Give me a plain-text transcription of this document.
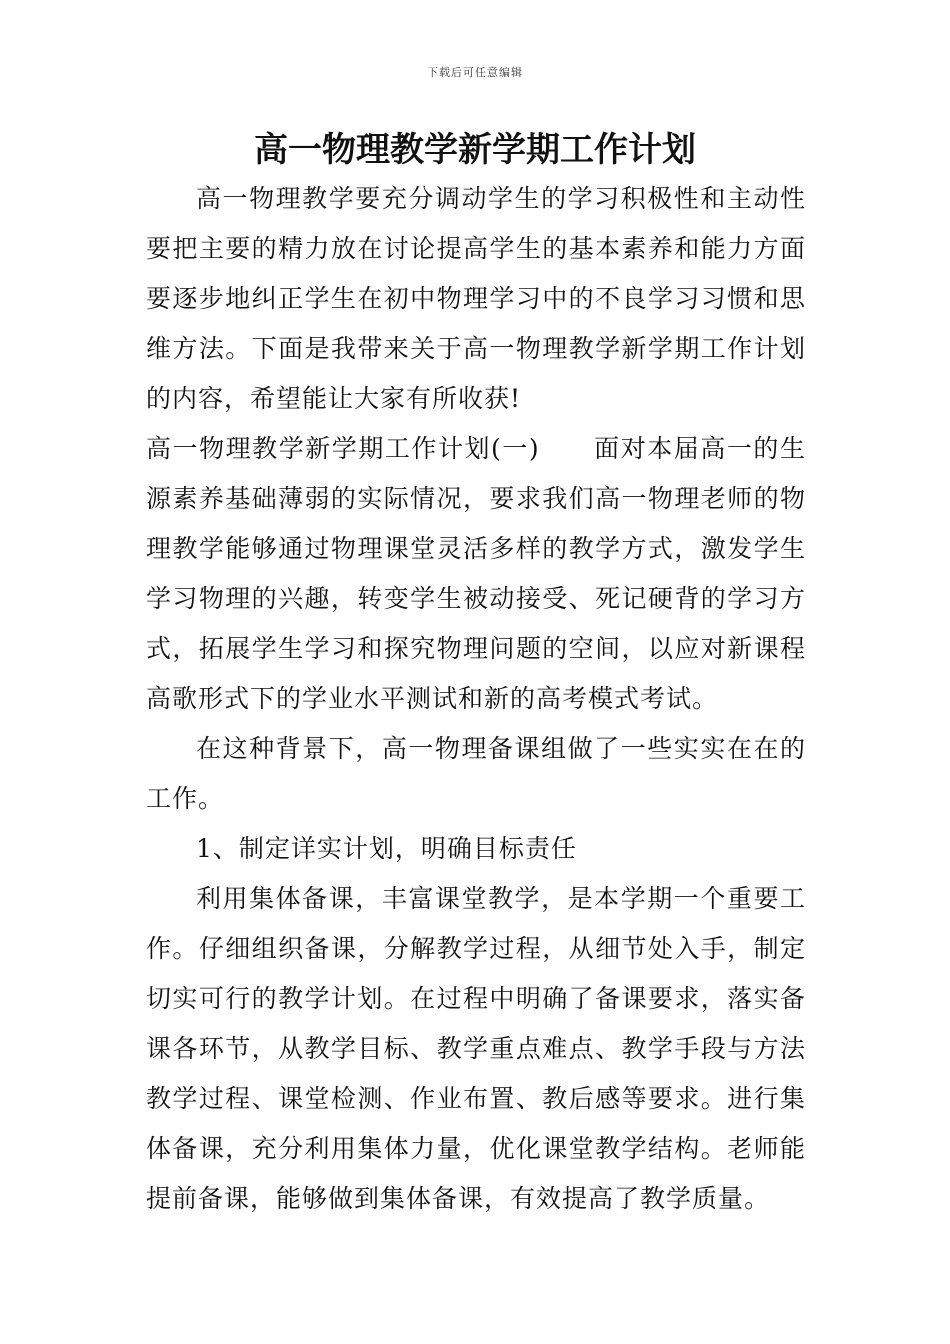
下载后可任意编辑
高一物理教学新学期工作计划

高一物理教学要充分调动学生的学习积极性和主动性要把主要的精力放在讨论提高学生的基本素养和能力方面要逐步地纠正学生在初中物理学习中的不良学习习惯和思维方法。下面是我带来关于高一物理教学新学期工作计划的内容，希望能让大家有所收获!

高一物理教学新学期工作计划(一) 面对本届高一的生源素养基础薄弱的实际情况，要求我们高一物理老师的物理教学能够通过物理课堂灵活多样的教学方式，激发学生学习物理的兴趣，转变学生被动接受、死记硬背的学习方式，拓展学生学习和探究物理问题的空间，以应对新课程高歌形式下的学业水平测试和新的高考模式考试。

在这种背景下，高一物理备课组做了一些实实在在的工作。

1、制定详实计划，明确目标责任

利用集体备课，丰富课堂教学，是本学期一个重要工作。仔细组织备课，分解教学过程，从细节处入手，制定切实可行的教学计划。在过程中明确了备课要求，落实备课各环节，从教学目标、教学重点难点、教学手段与方法教学过程、课堂检测、作业布置、教后感等要求。进行集体备课，充分利用集体力量，优化课堂教学结构。老师能提前备课，能够做到集体备课，有效提高了教学质量。
